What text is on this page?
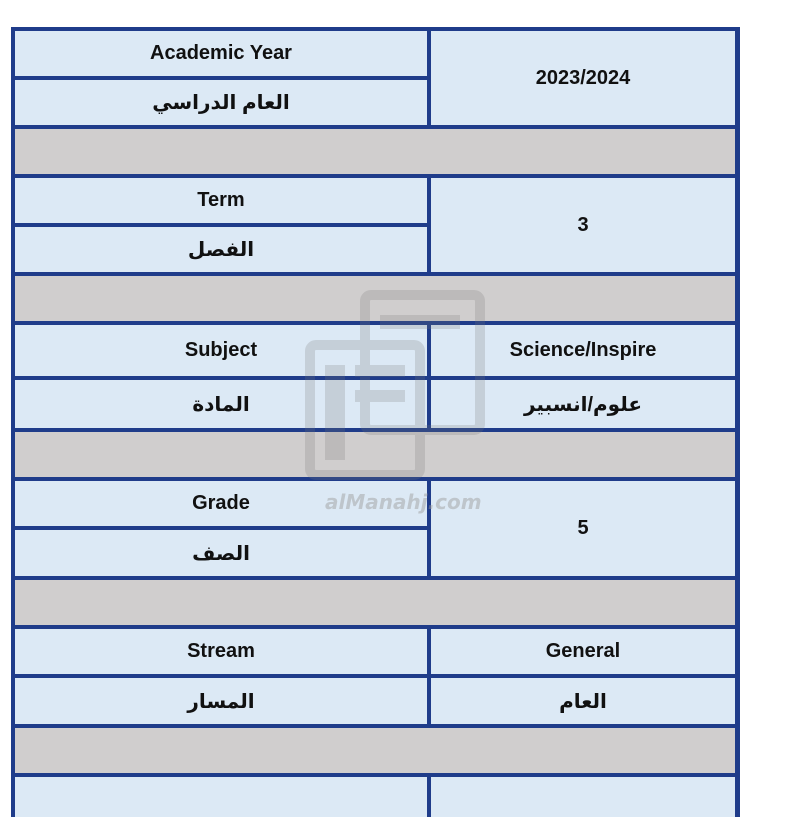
Academic Year
العام الدراسي
2023/2024
Term
الفصل
3
Subject
المادة
Science/Inspire
علوم/انسبير
Grade
الصف
5
Stream
المسار
General
العام
alManahj.com
